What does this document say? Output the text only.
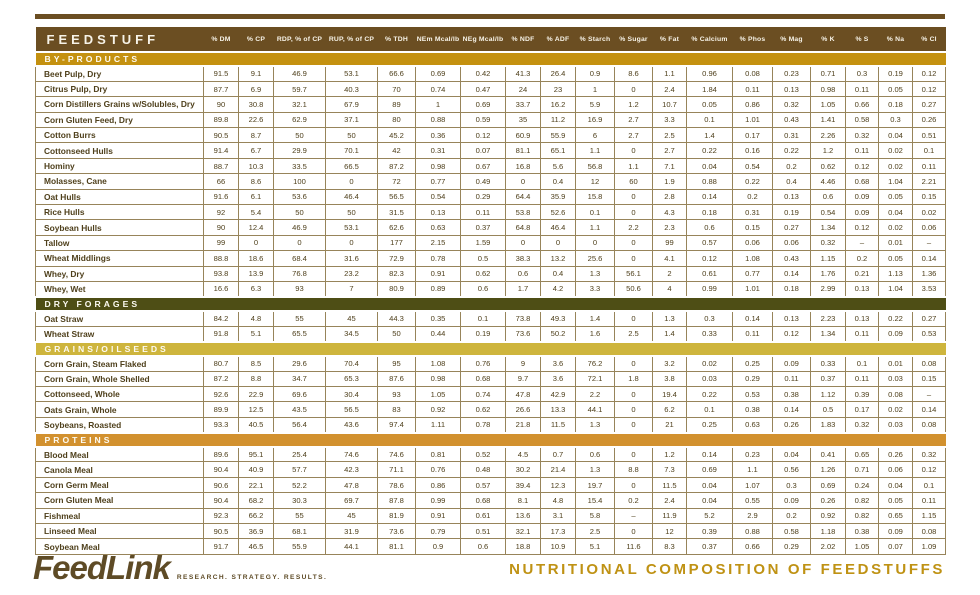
FEEDSTUFF	% DM	% CP	RDP, % of CP	RUP, % of CP	% TDH	NEm Mcal/lb	NEg Mcal/lb	% NDF	% ADF	% Starch	% Sugar	% Fat	% Calcium	% Phos	% Mag	% K	% S	% Na	% Cl
BY-PRODUCTS																			
Beet Pulp, Dry	91.5	9.1	46.9	53.1	66.6	0.69	0.42	41.3	26.4	0.9	8.6	1.1	0.96	0.08	0.23	0.71	0.3	0.19	0.12
Citrus Pulp, Dry	87.7	6.9	59.7	40.3	70	0.74	0.47	24	23	1	0	2.4	1.84	0.11	0.13	0.98	0.11	0.05	0.12
Corn Distillers Grains w/Solubles, Dry	90	30.8	32.1	67.9	89	1	0.69	33.7	16.2	5.9	1.2	10.7	0.05	0.86	0.32	1.05	0.66	0.18	0.27
Corn Gluten Feed, Dry	89.8	22.6	62.9	37.1	80	0.88	0.59	35	11.2	16.9	2.7	3.3	0.1	1.01	0.43	1.41	0.58	0.3	0.26
Cotton Burrs	90.5	8.7	50	50	45.2	0.36	0.12	60.9	55.9	6	2.7	2.5	1.4	0.17	0.31	2.26	0.32	0.04	0.51
Cottonseed Hulls	91.4	6.7	29.9	70.1	42	0.31	0.07	81.1	65.1	1.1	0	2.7	0.22	0.16	0.22	1.2	0.11	0.02	0.1
Hominy	88.7	10.3	33.5	66.5	87.2	0.98	0.67	16.8	5.6	56.8	1.1	7.1	0.04	0.54	0.2	0.62	0.12	0.02	0.11
Molasses, Cane	66	8.6	100	0	72	0.77	0.49	0	0.4	12	60	1.9	0.88	0.22	0.4	4.46	0.68	1.04	2.21
Oat Hulls	91.6	6.1	53.6	46.4	56.5	0.54	0.29	64.4	35.9	15.8	0	2.8	0.14	0.2	0.13	0.6	0.09	0.05	0.15
Rice Hulls	92	5.4	50	50	31.5	0.13	0.11	53.8	52.6	0.1	0	4.3	0.18	0.31	0.19	0.54	0.09	0.04	0.02
Soybean Hulls	90	12.4	46.9	53.1	62.6	0.63	0.37	64.8	46.4	1.1	2.2	2.3	0.6	0.15	0.27	1.34	0.12	0.02	0.06
Tallow	99	0	0	0	177	2.15	1.59	0	0	0	0	99	0.57	0.06	0.06	0.32	–	0.01	–
Wheat Middlings	88.8	18.6	68.4	31.6	72.9	0.78	0.5	38.3	13.2	25.6	0	4.1	0.12	1.08	0.43	1.15	0.2	0.05	0.14
Whey, Dry	93.8	13.9	76.8	23.2	82.3	0.91	0.62	0.6	0.4	1.3	56.1	2	0.61	0.77	0.14	1.76	0.21	1.13	1.36
Whey, Wet	16.6	6.3	93	7	80.9	0.89	0.6	1.7	4.2	3.3	50.6	4	0.99	1.01	0.18	2.99	0.13	1.04	3.53
DRY FORAGES																			
Oat Straw	84.2	4.8	55	45	44.3	0.35	0.1	73.8	49.3	1.4	0	1.3	0.3	0.14	0.13	2.23	0.13	0.22	0.27
Wheat Straw	91.8	5.1	65.5	34.5	50	0.44	0.19	73.6	50.2	1.6	2.5	1.4	0.33	0.11	0.12	1.34	0.11	0.09	0.53
GRAINS/OILSEEDS																			
Corn Grain, Steam Flaked	80.7	8.5	29.6	70.4	95	1.08	0.76	9	3.6	76.2	0	3.2	0.02	0.25	0.09	0.33	0.1	0.01	0.08
Corn Grain, Whole Shelled	87.2	8.8	34.7	65.3	87.6	0.98	0.68	9.7	3.6	72.1	1.8	3.8	0.03	0.29	0.11	0.37	0.11	0.03	0.15
Cottonseed, Whole	92.6	22.9	69.6	30.4	93	1.05	0.74	47.8	42.9	2.2	0	19.4	0.22	0.53	0.38	1.12	0.39	0.08	–
Oats Grain, Whole	89.9	12.5	43.5	56.5	83	0.92	0.62	26.6	13.3	44.1	0	6.2	0.1	0.38	0.14	0.5	0.17	0.02	0.14
Soybeans, Roasted	93.3	40.5	56.4	43.6	97.4	1.11	0.78	21.8	11.5	1.3	0	21	0.25	0.63	0.26	1.83	0.32	0.03	0.08
PROTEINS																			
Blood Meal	89.6	95.1	25.4	74.6	74.6	0.81	0.52	4.5	0.7	0.6	0	1.2	0.14	0.23	0.04	0.41	0.65	0.26	0.32
Canola Meal	90.4	40.9	57.7	42.3	71.1	0.76	0.48	30.2	21.4	1.3	8.8	7.3	0.69	1.1	0.56	1.26	0.71	0.06	0.12
Corn Germ Meal	90.6	22.1	52.2	47.8	78.6	0.86	0.57	39.4	12.3	19.7	0	11.5	0.04	1.07	0.3	0.69	0.24	0.04	0.1
Corn Gluten Meal	90.4	68.2	30.3	69.7	87.8	0.99	0.68	8.1	4.8	15.4	0.2	2.4	0.04	0.55	0.09	0.26	0.82	0.05	0.11
Fishmeal	92.3	66.2	55	45	81.9	0.91	0.61	13.6	3.1	5.8	–	11.9	5.2	2.9	0.2	0.92	0.82	0.65	1.15
Linseed Meal	90.5	36.9	68.1	31.9	73.6	0.79	0.51	32.1	17.3	2.5	0	12	0.39	0.88	0.58	1.18	0.38	0.09	0.08
Soybean Meal	91.7	46.5	55.9	44.1	81.1	0.9	0.6	18.8	10.9	5.1	11.6	8.3	0.37	0.66	0.29	2.02	1.05	0.07	1.09
FeedLink RESEARCH. STRATEGY. RESULTS.	NUTRITIONAL COMPOSITION OF FEEDSTUFFS
